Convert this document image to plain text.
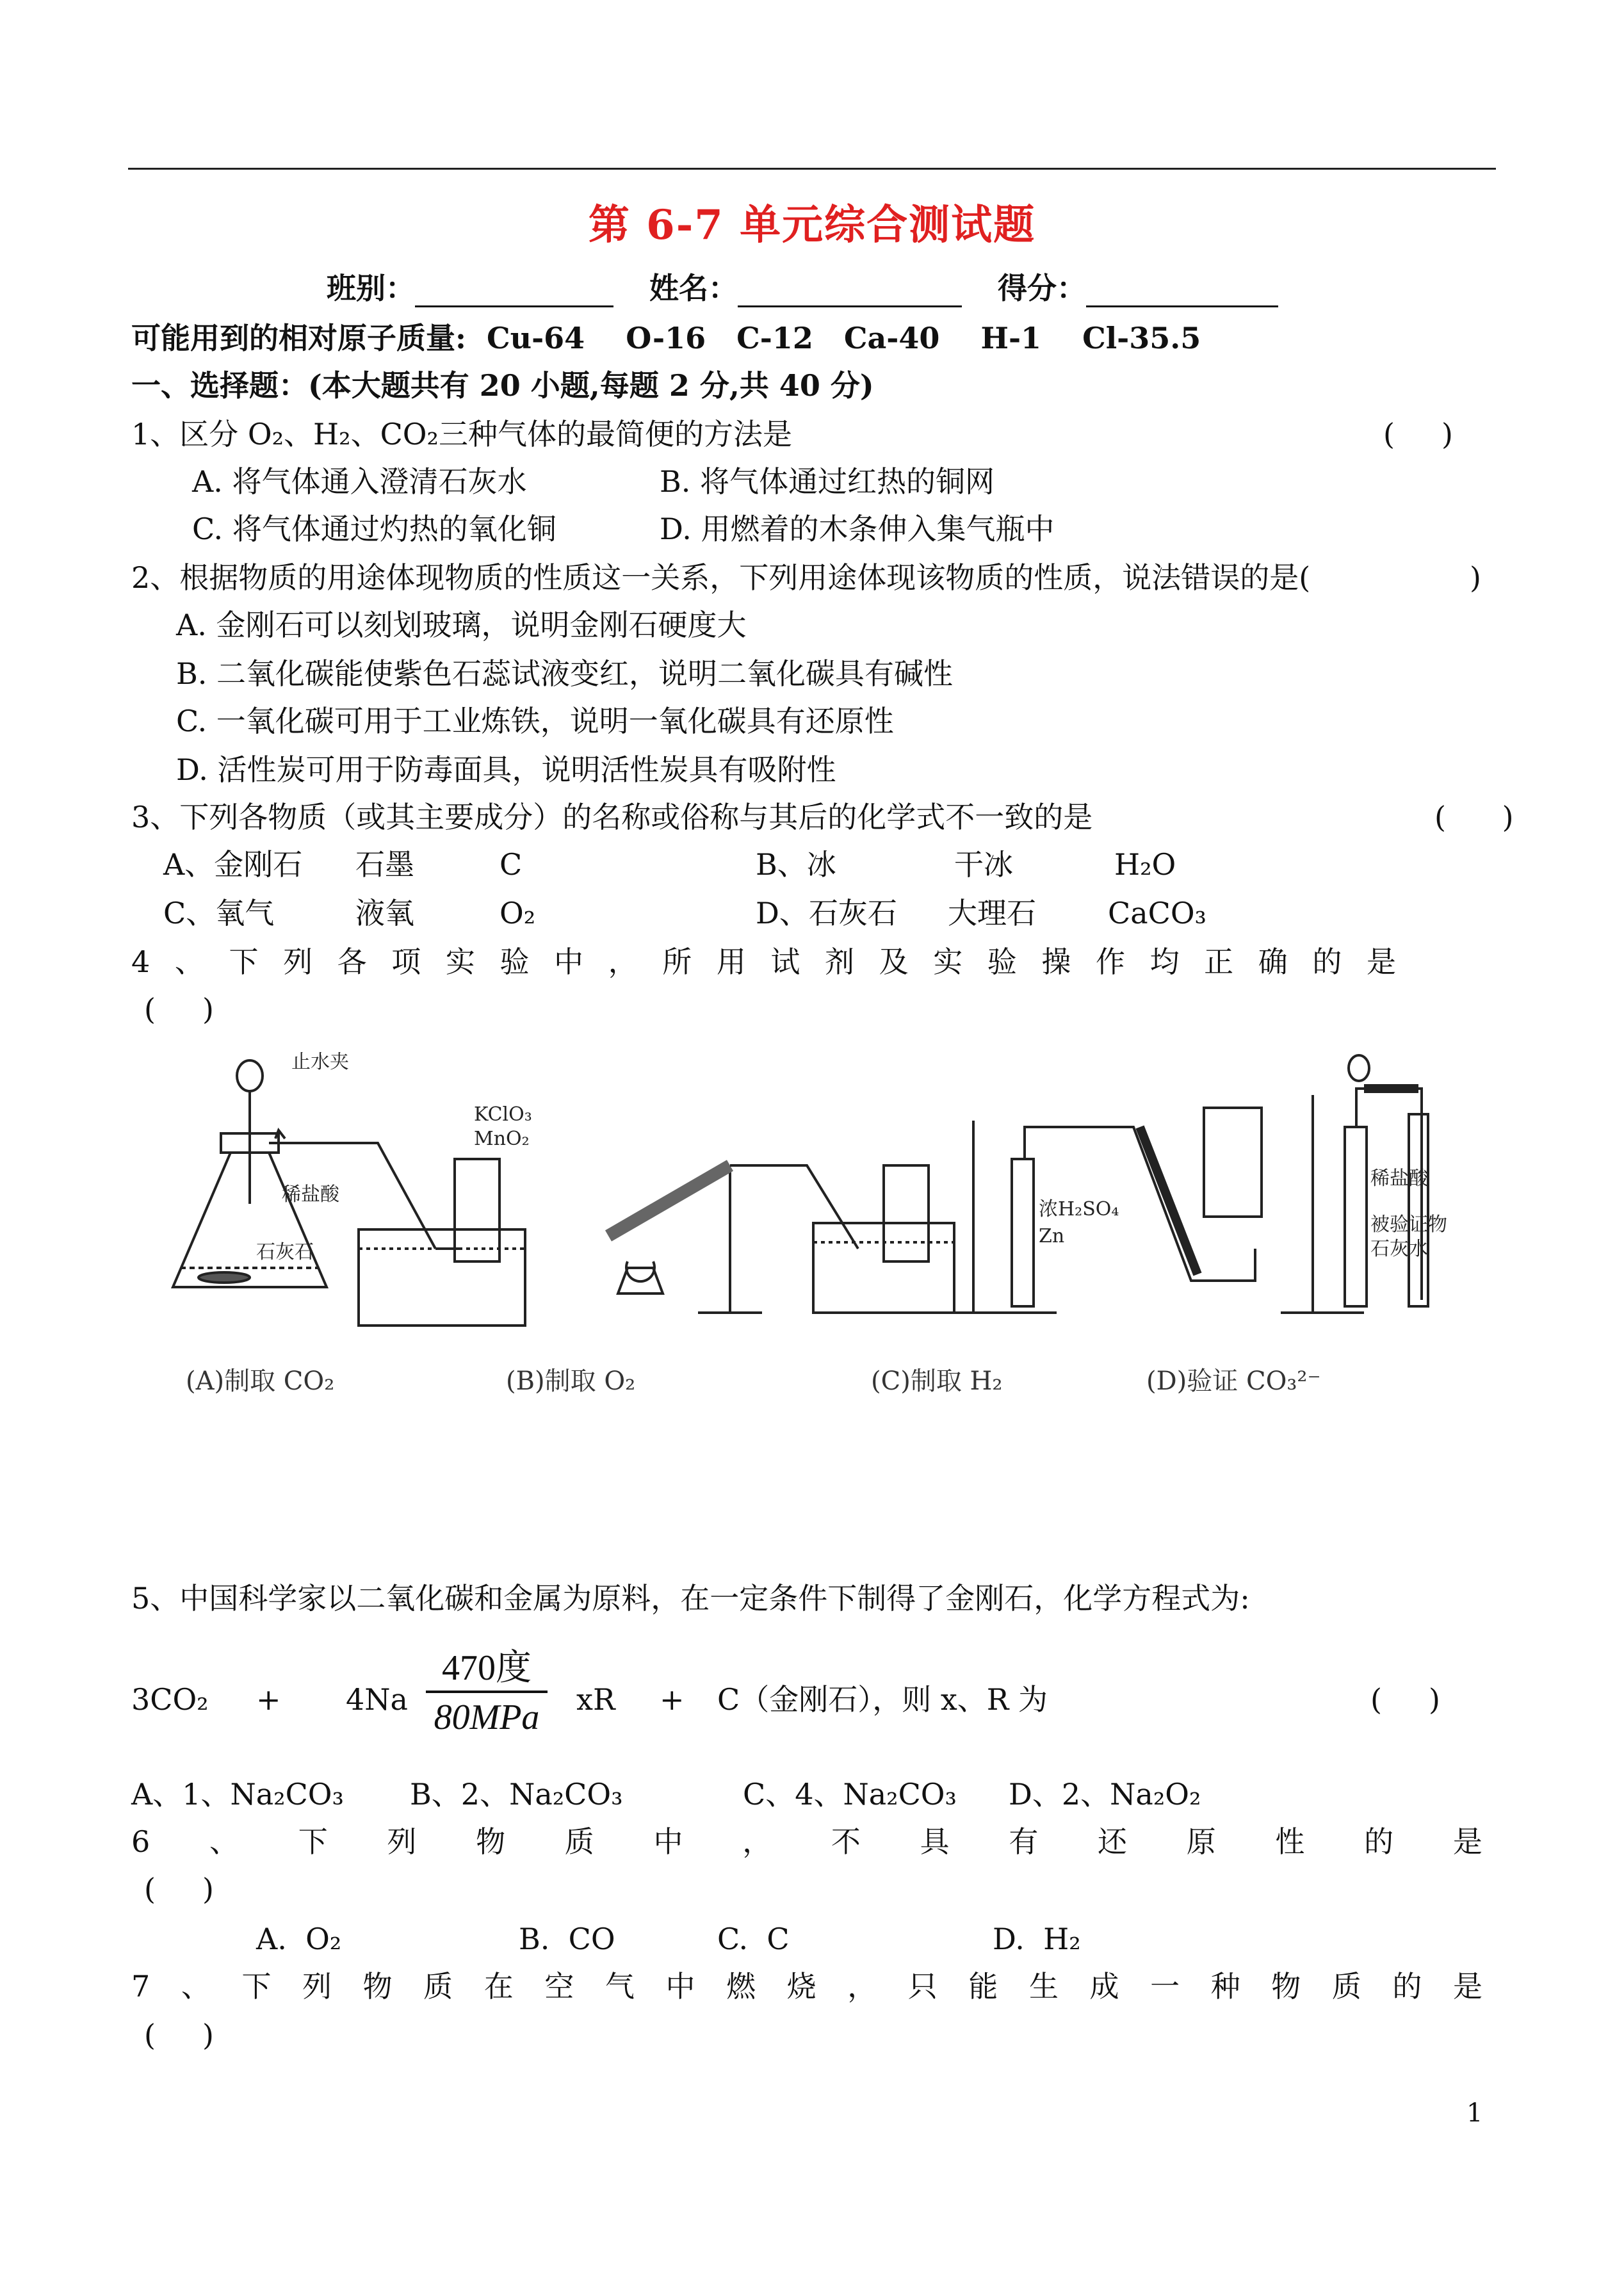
第 6-7 单元综合测试题
班别：	姓名：	得分：
可能用到的相对原子质量:  Cu-64    O-16   C-12   Ca-40    H-1    Cl-35.5
一、选择题：(本大题共有 20 小题,每题 2 分,共 40 分)
1、区分 O₂、H₂、CO₂三种气体的最简便的方法是	(     )
A. 将气体通入澄清石灰水	B. 将气体通过红热的铜网
C. 将气体通过灼热的氧化铜	D. 用燃着的木条伸入集气瓶中
2、根据物质的用途体现物质的性质这一关系，下列用途体现该物质的性质，说法错误的是(	)
A. 金刚石可以刻划玻璃，说明金刚石硬度大
B. 二氧化碳能使紫色石蕊试液变红，说明二氧化碳具有碱性
C. 一氧化碳可用于工业炼铁，说明一氧化碳具有还原性
D. 活性炭可用于防毒面具，说明活性炭具有吸附性
3、下列各物质（或其主要成分）的名称或俗称与其后的化学式不一致的是	(      )
A、金刚石 石墨	C	B、冰	干冰	H₂O
C、氧气	液氧	O₂	D、石灰石 大理石 CaCO₃
4 、 下 列 各 项 实 验 中 ， 所 用 试 剂 及 实 验 操 作 均 正 确 的 是
(     )
止水夹
稀盐酸
石灰石
KClO₃
MnO₂
浓H₂SO₄
Zn
稀盐酸
被验证物
石灰水
(A)制取 CO₂	(B)制取 O₂	(C)制取 H₂	(D)验证 CO₃²⁻
5、中国科学家以二氧化碳和金属为原料，在一定条件下制得了金刚石，化学方程式为:
3CO₂ + 4Na
470度
80MPa	xR + C（金刚石），则 x、R 为	(     )
A、1、Na₂CO₃ B、2、Na₂CO₃	C、4、Na₂CO₃ D、2、Na₂O₂
6 、 下 列 物 质 中 ， 不 具 有 还 原 性 的 是
(     )
A.  O₂	B.  CO	C.  C	D.  H₂
7 、 下 列 物 质 在 空 气 中 燃 烧 ， 只 能 生 成 一 种 物 质 的 是
(     )
1
